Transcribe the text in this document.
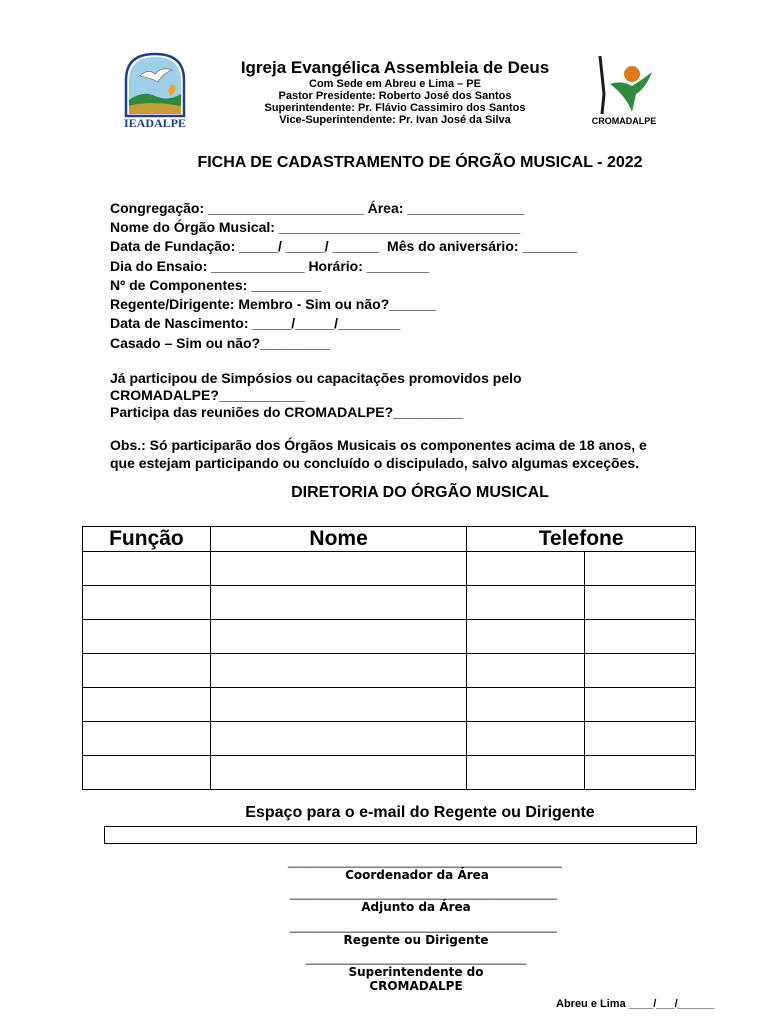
IEADALPE
Igreja Evangélica Assembleia de Deus
Com Sede em Abreu e Lima – PE
Pastor Presidente: Roberto José dos Santos
Superintendente: Pr. Flávio Cassimiro dos Santos
Vice-Superintendente: Pr. Ivan José da Silva	CROMADALPE
FICHA DE CADASTRAMENTO DE ÓRGÃO MUSICAL - 2022
Congregação: ____________________ Área: _______________
Nome do Órgão Musical: _______________________________
Data de Fundação: _____/ _____/ ______  Mês do aniversário: _______
Dia do Ensaio: ____________ Horário: ________
Nº de Componentes: _________
Regente/Dirigente: Membro - Sim ou não?______
Data de Nascimento: _____/_____/________
Casado – Sim ou não?_________
Já participou de Simpósios ou capacitações promovidos pelo
CROMADALPE?___________
Participa das reuniões do CROMADALPE?_________
Obs.: Só participarão dos Órgãos Musicais os componentes acima de 18 anos, e
que estejam participando ou concluído o discipulado, salvo algumas exceções.
DIRETORIA DO ÓRGÃO MUSICAL
Função	Nome	Telefone	

Espaço para o e-mail do Regente ou Dirigente
_________________________________________
Coordenador da Área
________________________________________
Adjunto da Área
________________________________________
Regente ou Dirigente
_________________________________
Superintendente do CROMADALPE
Abreu e Lima ____/___/______
